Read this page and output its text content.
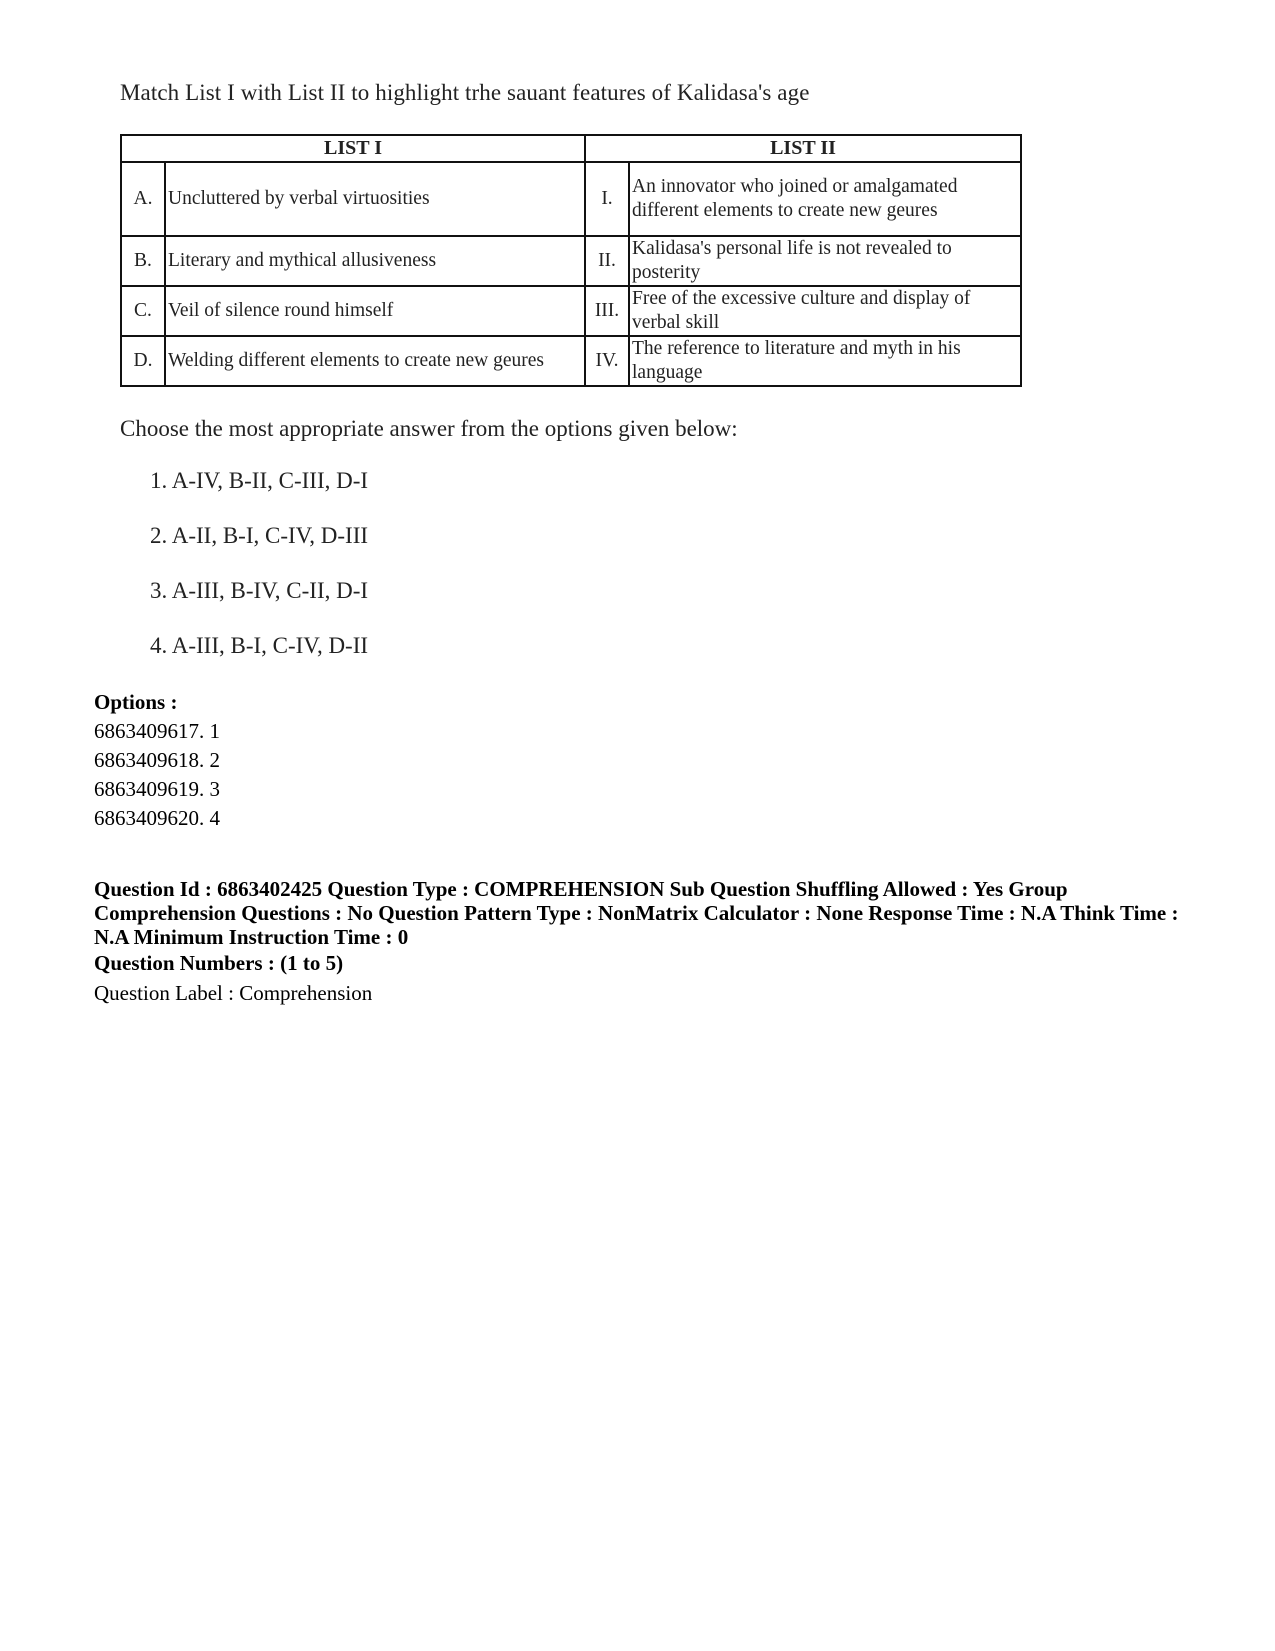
Match List I with List II to highlight trhe sauant features of Kalidasa's age
LIST I		LIST II	
A.	Uncluttered by verbal virtuosities	I.	An innovator who joined or amalgamated different elements to create new geures
B.	Literary and mythical allusiveness	II.	Kalidasa's personal life is not revealed to posterity
C.	Veil of silence round himself	III.	Free of the excessive culture and display of verbal skill
D.	Welding different elements to create new geures	IV.	The reference to literature and myth in his language
Choose the most appropriate answer from the options given below:
1. A-IV, B-II, C-III, D-I
2. A-II, B-I, C-IV, D-III
3. A-III, B-IV, C-II, D-I
4. A-III, B-I, C-IV, D-II
Options :
6863409617. 1
6863409618. 2
6863409619. 3
6863409620. 4
Question Id : 6863402425 Question Type : COMPREHENSION Sub Question Shuffling Allowed : Yes Group Comprehension Questions : No Question Pattern Type : NonMatrix Calculator : None Response Time : N.A Think Time : N.A Minimum Instruction Time : 0
Question Numbers : (1 to 5)
Question Label : Comprehension
